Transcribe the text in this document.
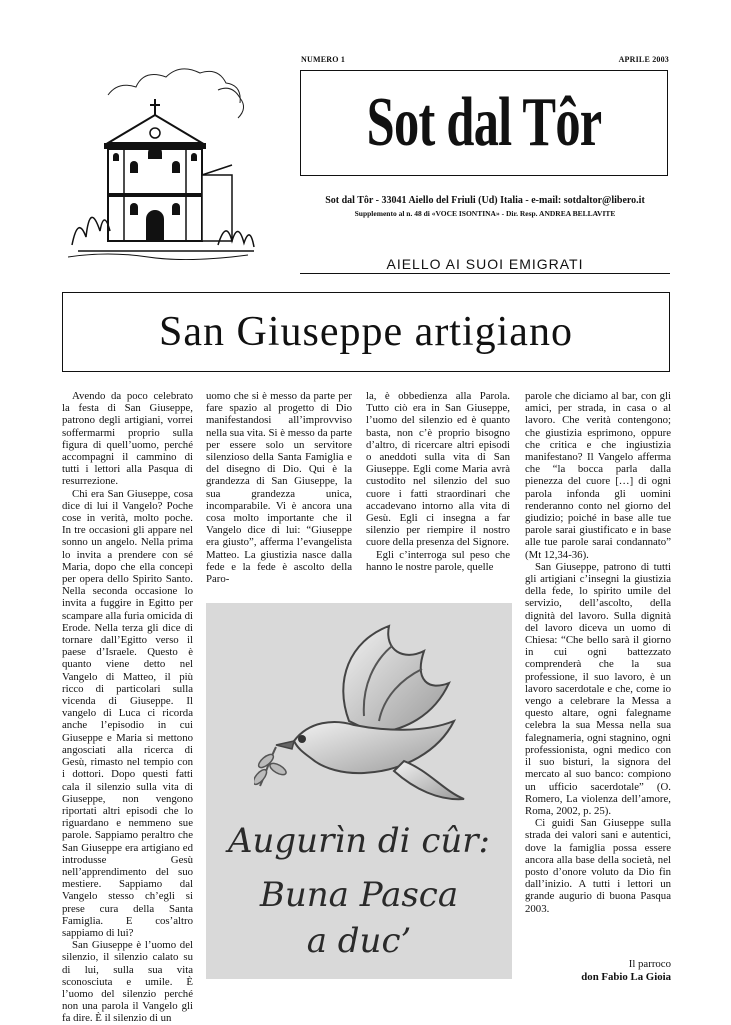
NUMERO 1	APRILE 2003
Sot dal Tôr
Sot dal Tôr - 33041 Aiello del Friuli (Ud) Italia - e-mail: sotdaltor@libero.it
Supplemento al n. 48 di «VOCE ISONTINA» - Dir. Resp. ANDREA BELLAVITE
AIELLO AI SUOI EMIGRATI
San Giuseppe artigiano

Avendo da poco celebrato la festa di San Giuseppe, patrono degli artigiani, vorrei soffermarmi proprio sulla figura di quell’uomo, perché accompagni il cammino di tutti i lettori alla Pasqua di resurrezione.

Chi era San Giuseppe, cosa dice di lui il Vangelo? Poche cose in verità, molto poche. In tre occasioni gli appare nel sonno un angelo. Nella prima lo invita a prendere con sé Maria, dopo che ella concepì per opera dello Spirito Santo. Nella seconda occasione lo invita a fuggire in Egitto per scampare alla furia omicida di Erode. Nella terza gli dice di tornare dall’Egitto verso il paese d’Israele. Questo è quanto viene detto nel Vangelo di Matteo, il più ricco di particolari sulla vicenda di Giuseppe. Il vangelo di Luca ci ricorda anche l’episodio in cui Giuseppe e Maria si mettono angosciati alla ricerca di Gesù, rimasto nel tempio con i dottori. Dopo questi fatti cala il silenzio sulla vita di Giuseppe, non vengono riportati altri episodi che lo riguardano e nemmeno sue parole. Sappiamo peraltro che San Giuseppe era artigiano ed introdusse Gesù nell’apprendimento del suo mestiere. Sappiamo dal Vangelo stesso ch’egli si prese cura della Santa Famiglia. E cos’altro sappiamo di lui?

San Giuseppe è l’uomo del silenzio, il silenzio calato su di lui, sulla sua vita sconosciuta e umile. È l’uomo del silenzio perché non una parola il Vangelo gli fa dire. È il silenzio di un

uomo che si è messo da parte per fare spazio al progetto di Dio manifestandosi all’improvviso nella sua vita. Si è messo da parte per essere solo un servitore silenzioso della Santa Famiglia e del disegno di Dio. Qui è la grandezza di San Giuseppe, la sua grandezza unica, incomparabile. Vi è ancora una cosa molto importante che il Vangelo dice di lui: “Giuseppe era giusto”, afferma l’evangelista Matteo. La giustizia nasce dalla fede e la fede è ascolto della Paro-

la, è obbedienza alla Parola. Tutto ciò era in San Giuseppe, l’uomo del silenzio ed è quanto basta, non c’è proprio bisogno d’altro, di ricercare altri episodi o aneddoti sulla vita di San Giuseppe. Egli come Maria avrà custodito nel silenzio del suo cuore i fatti straordinari che accadevano intorno alla vita di Gesù. Egli ci insegna a far silenzio per riempire il nostro cuore della presenza del Signore.

Egli c’interroga sul peso che hanno le nostre parole, quelle

parole che diciamo al bar, con gli amici, per strada, in casa o al lavoro. Che verità contengono; che giustizia esprimono, oppure che critica e che ingiustizia manifestano? Il Vangelo afferma che “la bocca parla dalla pienezza del cuore […] di ogni parola infonda gli uomini renderanno conto nel giorno del giudizio; poiché in base alle tue parole sarai giustificato e in base alle tue parole sarai condannato” (Mt 12,34-36).

San Giuseppe, patrono di tutti gli artigiani c’insegni la giustizia della fede, lo spirito umile del servizio, dell’ascolto, della dignità del lavoro. Sulla dignità del lavoro diceva un uomo di Chiesa: “Che bello sarà il giorno in cui ogni battezzato comprenderà che la sua professione, il suo lavoro, è un lavoro sacerdotale e che, come io vengo a celebrare la Messa a questo altare, ogni falegname celebra la sua Messa nella sua falegnameria, ogni stagnino, ogni professionista, ogni medico con il suo bisturi, la signora del mercato al suo banco: compiono un ufficio sacerdotale” (O. Romero, La violenza dell’amore, Roma, 2002, p. 25).

Ci guidi San Giuseppe sulla strada dei valori sani e autentici, dove la famiglia possa essere ancora alla base della società, nel posto d’onore voluto da Dio fin dall’inizio. A tutti i lettori un grande augurio di buona Pasqua 2003.

Augurìn di cûr:
Buna Pasca
a duc’
Il parroco
don Fabio La Gioia
